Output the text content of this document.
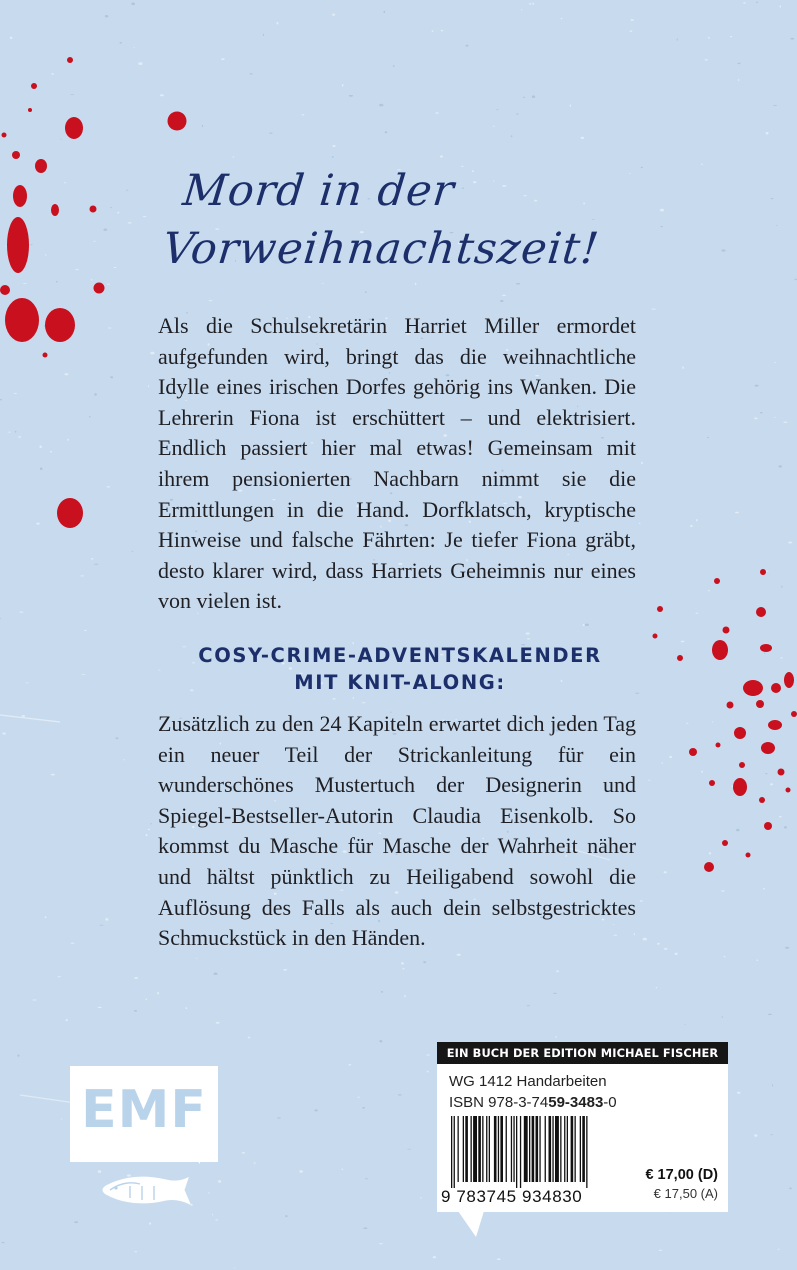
Mord in der
Vorweihnachtszeit!
Als die Schulsekretärin Harriet Miller ermordet aufgefunden wird, bringt das die weihnachtliche Idylle eines irischen Dorfes gehörig ins Wanken. Die Lehrerin Fiona ist erschüttert – und elektrisiert. Endlich passiert hier mal etwas! Gemeinsam mit ihrem pensionierten Nachbarn nimmt sie die Ermittlungen in die Hand. Dorfklatsch, kryptische Hinweise und falsche Fährten: Je tiefer Fiona gräbt, desto klarer wird, dass Harriets Geheimnis nur eines von vielen ist.
COSY-CRIME-ADVENTSKALENDER
MIT KNIT-ALONG:
Zusätzlich zu den 24 Kapiteln erwartet dich jeden Tag ein neuer Teil der Strickanleitung für ein wunderschönes Mustertuch der Designerin und Spiegel-Bestseller-Autorin Claudia Eisenkolb. So kommst du Masche für Masche der Wahrheit näher und hältst pünktlich zu Heiligabend sowohl die Auflösung des Falls als auch dein selbstgestricktes Schmuckstück in den Händen.
EMF
EIN BUCH DER EDITION MICHAEL FISCHER
WG 1412 Handarbeiten
ISBN 978-3-7459-3483-0
9 783745 934830
€ 17,00 (D)
€ 17,50 (A)
